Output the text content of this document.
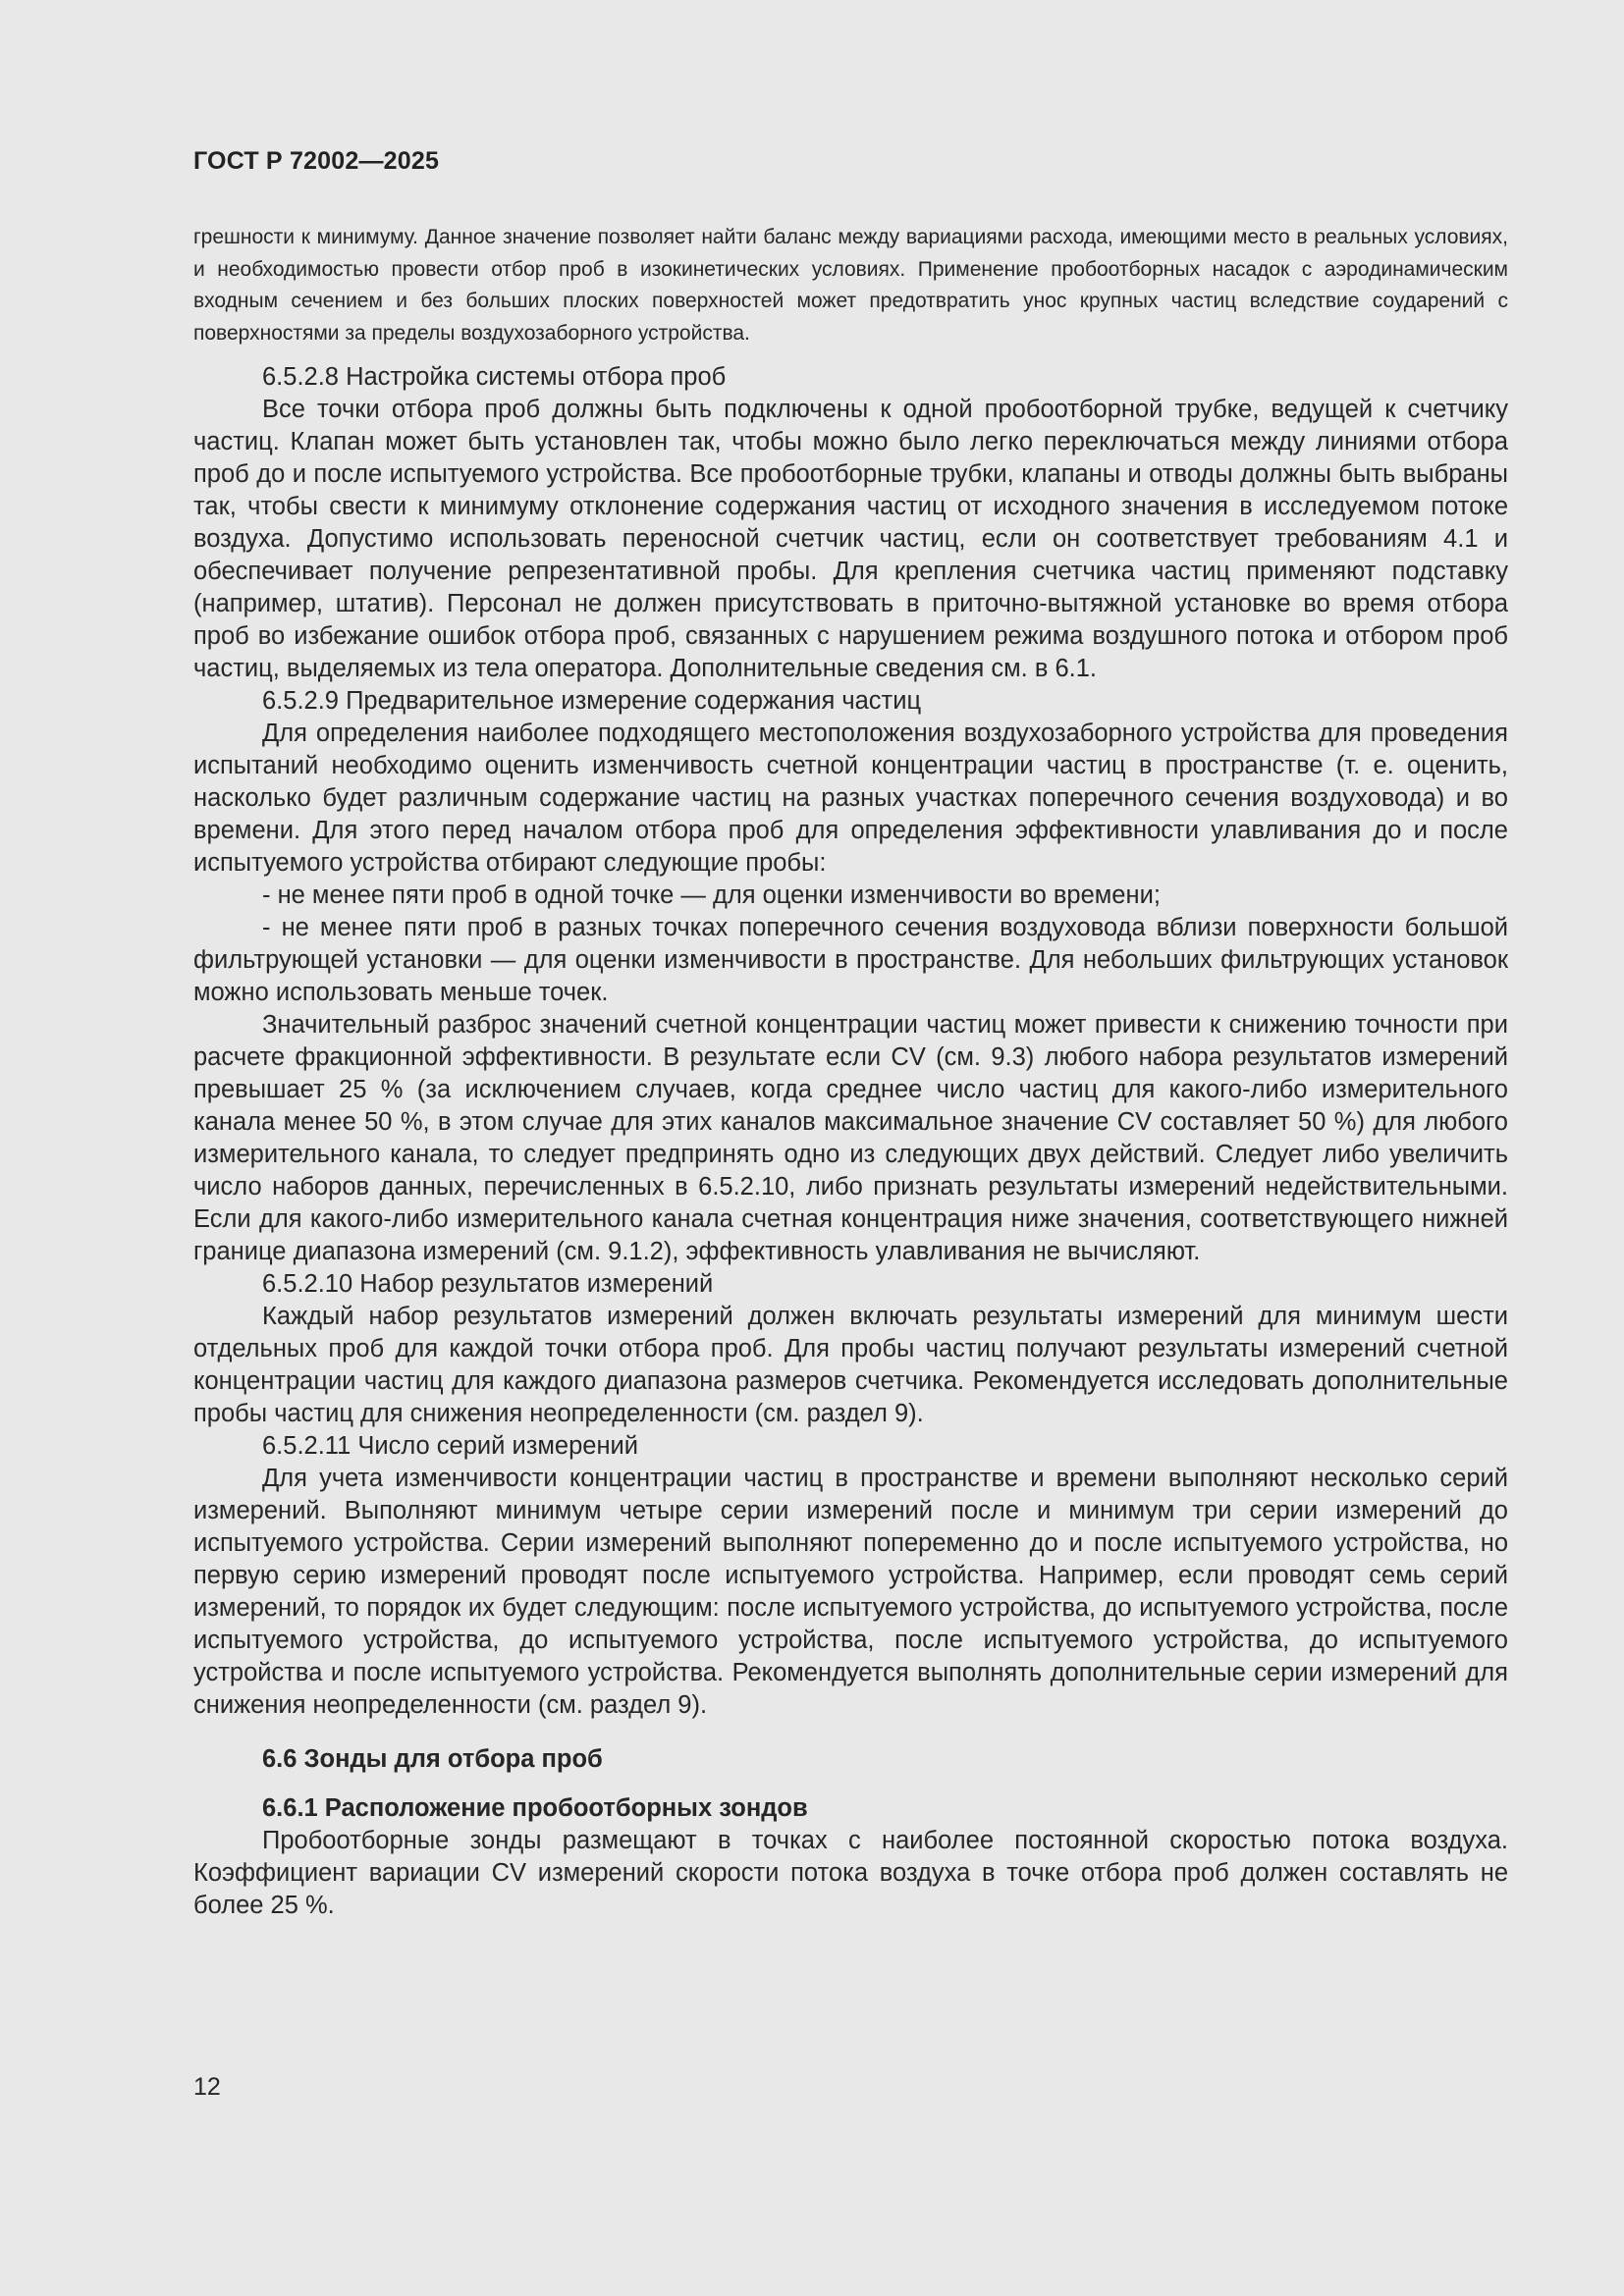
ГОСТ Р 72002—2025

грешности к минимуму. Данное значение позволяет найти баланс между вариациями расхода, имеющими место в реальных условиях, и необходимостью провести отбор проб в изокинетических условиях. Применение пробоотборных насадок с аэродинамическим входным сечением и без больших плоских поверхностей может предотвратить унос крупных частиц вследствие соударений с поверхностями за пределы воздухозаборного устройства.

6.5.2.8 Настройка системы отбора проб

Все точки отбора проб должны быть подключены к одной пробоотборной трубке, ведущей к счетчику частиц. Клапан может быть установлен так, чтобы можно было легко переключаться между линиями отбора проб до и после испытуемого устройства. Все пробоотборные трубки, клапаны и отводы должны быть выбраны так, чтобы свести к минимуму отклонение содержания частиц от исходного значения в исследуемом потоке воздуха. Допустимо использовать переносной счетчик частиц, если он соответствует требованиям 4.1 и обеспечивает получение репрезентативной пробы. Для крепления счетчика частиц применяют подставку (например, штатив). Персонал не должен присутствовать в приточно-вытяжной установке во время отбора проб во избежание ошибок отбора проб, связанных с нарушением режима воздушного потока и отбором проб частиц, выделяемых из тела оператора. Дополнительные сведения см. в 6.1.

6.5.2.9 Предварительное измерение содержания частиц

Для определения наиболее подходящего местоположения воздухозаборного устройства для проведения испытаний необходимо оценить изменчивость счетной концентрации частиц в пространстве (т. е. оценить, насколько будет различным содержание частиц на разных участках поперечного сечения воздуховода) и во времени. Для этого перед началом отбора проб для определения эффективности улавливания до и после испытуемого устройства отбирают следующие пробы:

- не менее пяти проб в одной точке — для оценки изменчивости во времени;

- не менее пяти проб в разных точках поперечного сечения воздуховода вблизи поверхности большой фильтрующей установки — для оценки изменчивости в пространстве. Для небольших фильтрующих установок можно использовать меньше точек.

Значительный разброс значений счетной концентрации частиц может привести к снижению точности при расчете фракционной эффективности. В результате если CV (см. 9.3) любого набора результатов измерений превышает 25 % (за исключением случаев, когда среднее число частиц для какого-либо измерительного канала менее 50 %, в этом случае для этих каналов максимальное значение CV составляет 50 %) для любого измерительного канала, то следует предпринять одно из следующих двух действий. Следует либо увеличить число наборов данных, перечисленных в 6.5.2.10, либо признать результаты измерений недействительными. Если для какого-либо измерительного канала счетная концентрация ниже значения, соответствующего нижней границе диапазона измерений (см. 9.1.2), эффективность улавливания не вычисляют.

6.5.2.10 Набор результатов измерений

Каждый набор результатов измерений должен включать результаты измерений для минимум шести отдельных проб для каждой точки отбора проб. Для пробы частиц получают результаты измерений счетной концентрации частиц для каждого диапазона размеров счетчика. Рекомендуется исследовать дополнительные пробы частиц для снижения неопределенности (см. раздел 9).

6.5.2.11 Число серий измерений

Для учета изменчивости концентрации частиц в пространстве и времени выполняют несколько серий измерений. Выполняют минимум четыре серии измерений после и минимум три серии измерений до испытуемого устройства. Серии измерений выполняют попеременно до и после испытуемого устройства, но первую серию измерений проводят после испытуемого устройства. Например, если проводят семь серий измерений, то порядок их будет следующим: после испытуемого устройства, до испытуемого устройства, после испытуемого устройства, до испытуемого устройства, после испытуемого устройства, до испытуемого устройства и после испытуемого устройства. Рекомендуется выполнять дополнительные серии измерений для снижения неопределенности (см. раздел 9).

6.6 Зонды для отбора проб

6.6.1 Расположение пробоотборных зондов

Пробоотборные зонды размещают в точках с наиболее постоянной скоростью потока воздуха. Коэффициент вариации CV измерений скорости потока воздуха в точке отбора проб должен составлять не более 25 %.

12
